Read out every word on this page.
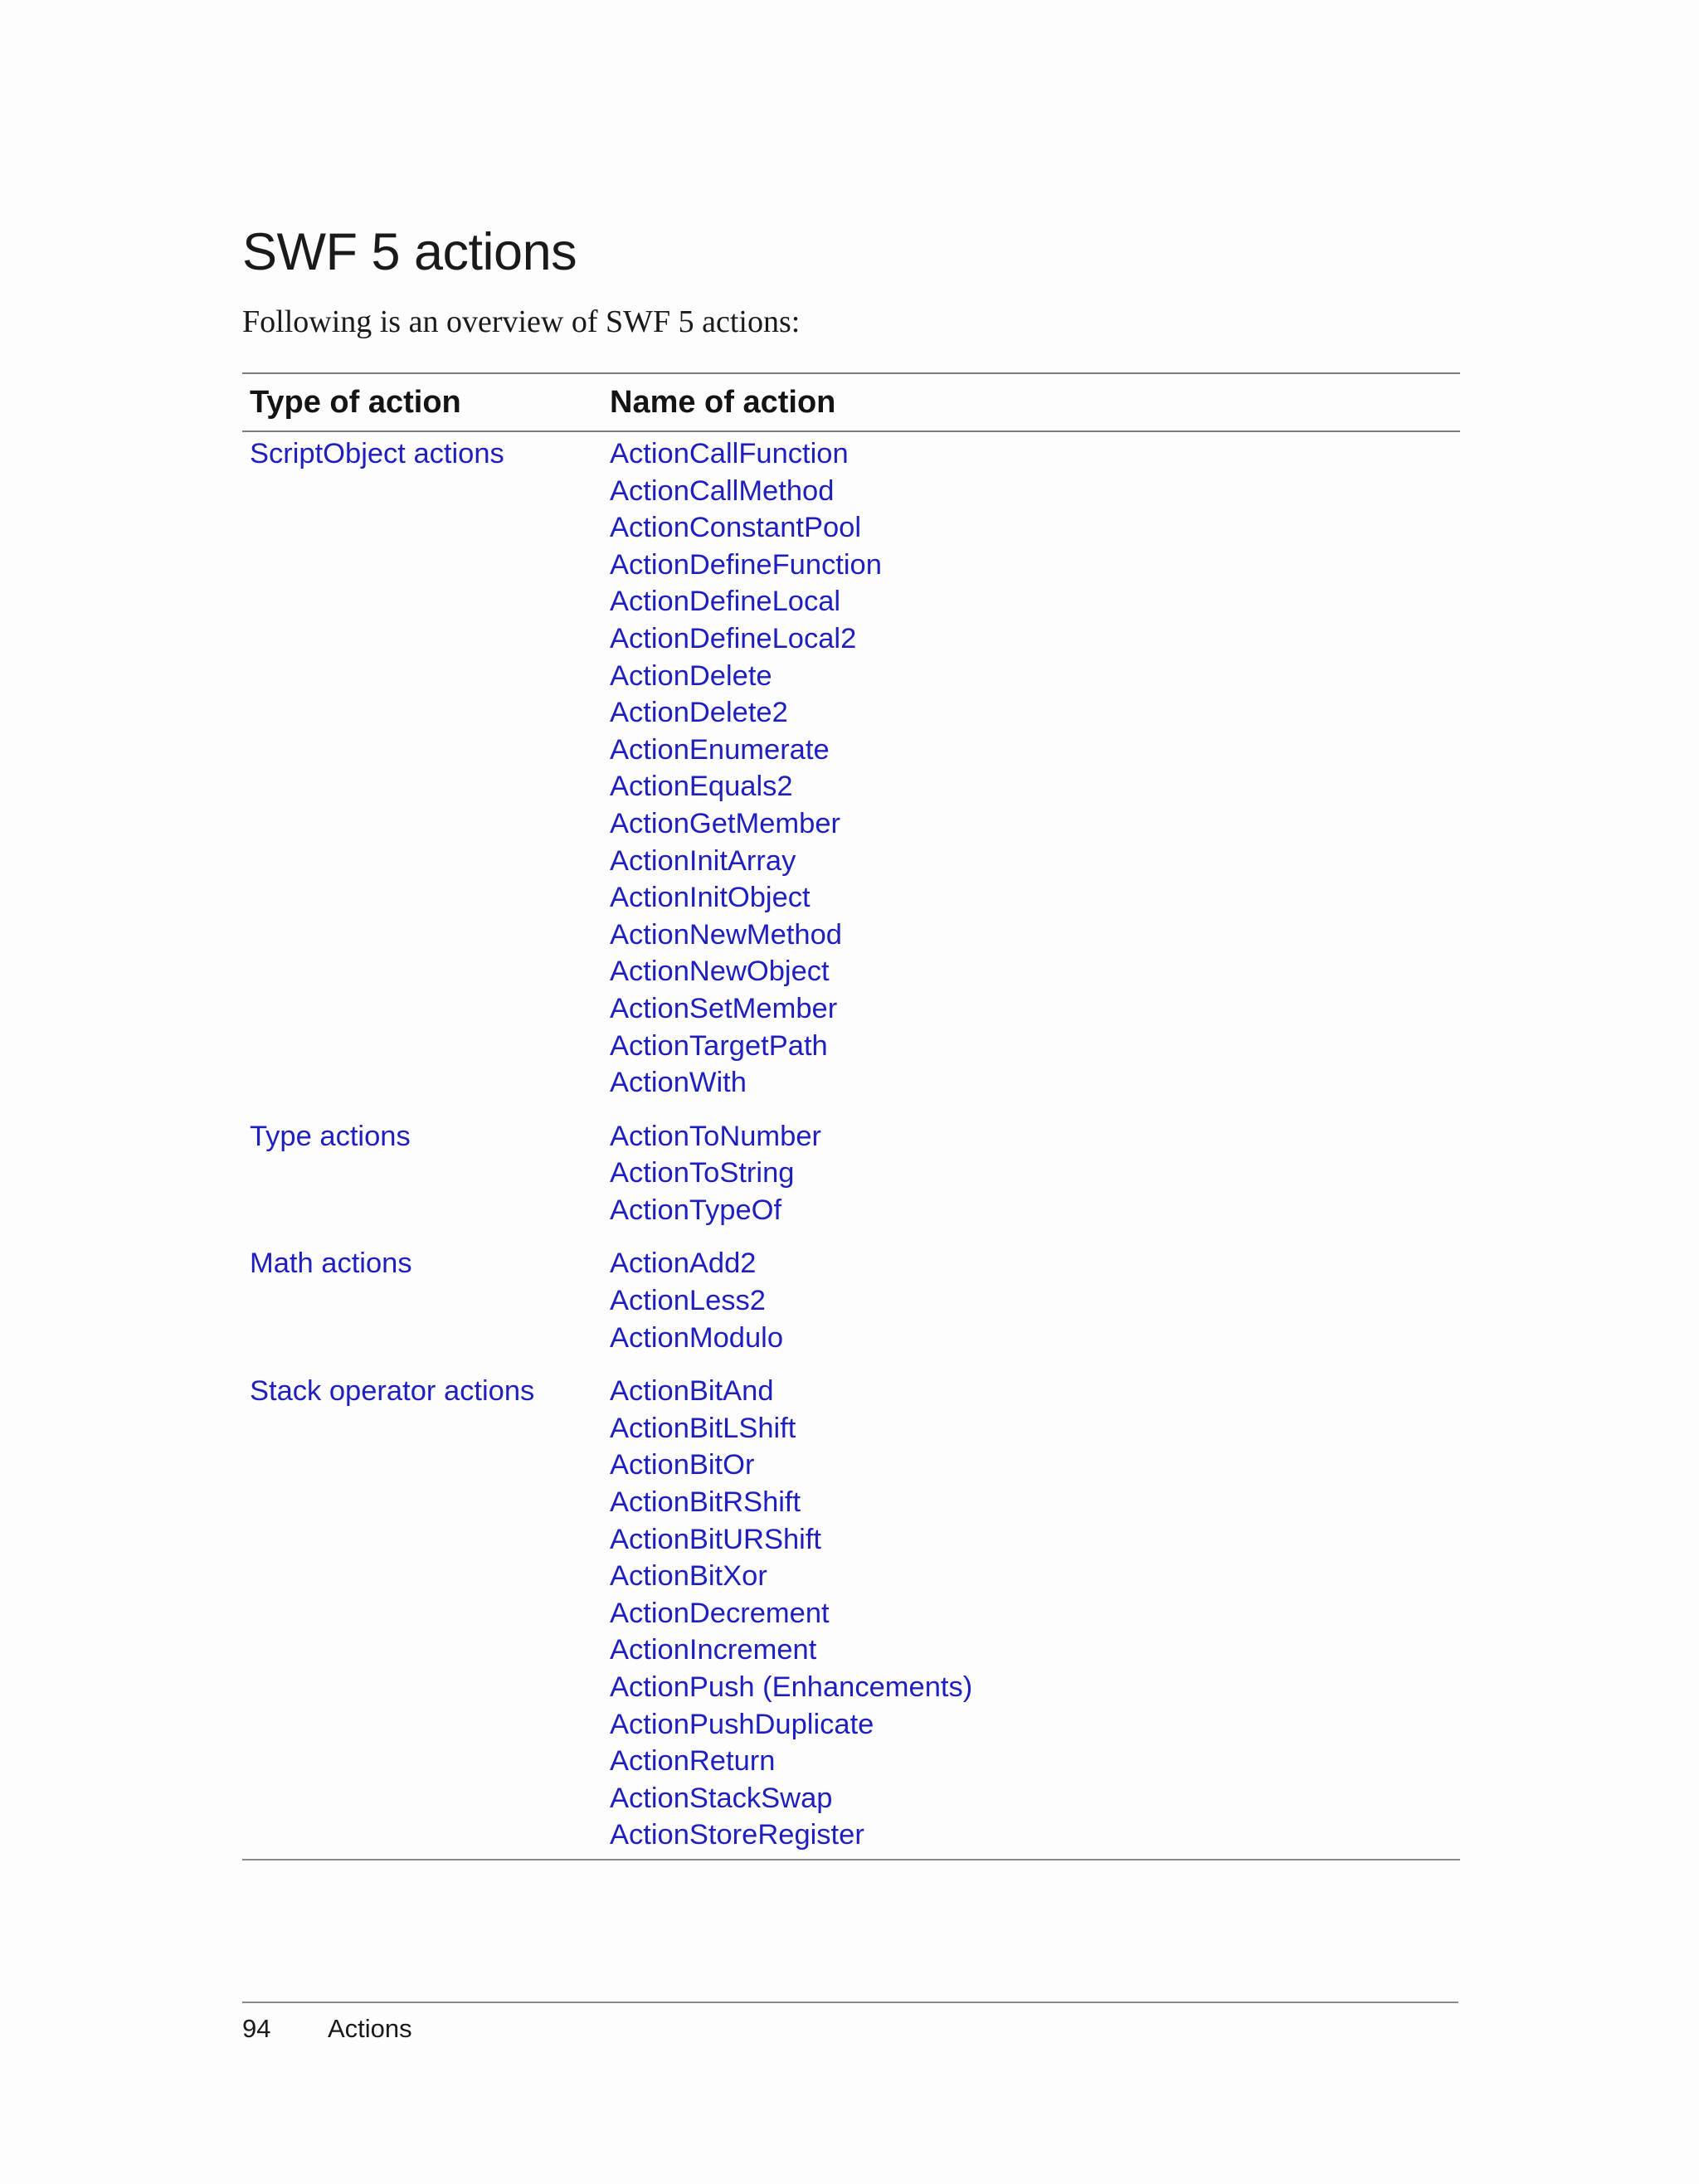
SWF 5 actions

Following is an overview of SWF 5 actions:

Type of action	Name of action
ScriptObject actions	ActionCallFunction
ActionCallMethod
ActionConstantPool
ActionDefineFunction
ActionDefineLocal
ActionDefineLocal2
ActionDelete
ActionDelete2
ActionEnumerate
ActionEquals2
ActionGetMember
ActionInitArray
ActionInitObject
ActionNewMethod
ActionNewObject
ActionSetMember
ActionTargetPath
ActionWith
Type actions	ActionToNumber
ActionToString
ActionTypeOf
Math actions	ActionAdd2
ActionLess2
ActionModulo
Stack operator actions	ActionBitAnd
ActionBitLShift
ActionBitOr
ActionBitRShift
ActionBitURShift
ActionBitXor
ActionDecrement
ActionIncrement
ActionPush (Enhancements)
ActionPushDuplicate
ActionReturn
ActionStackSwap
ActionStoreRegister
94	Actions
